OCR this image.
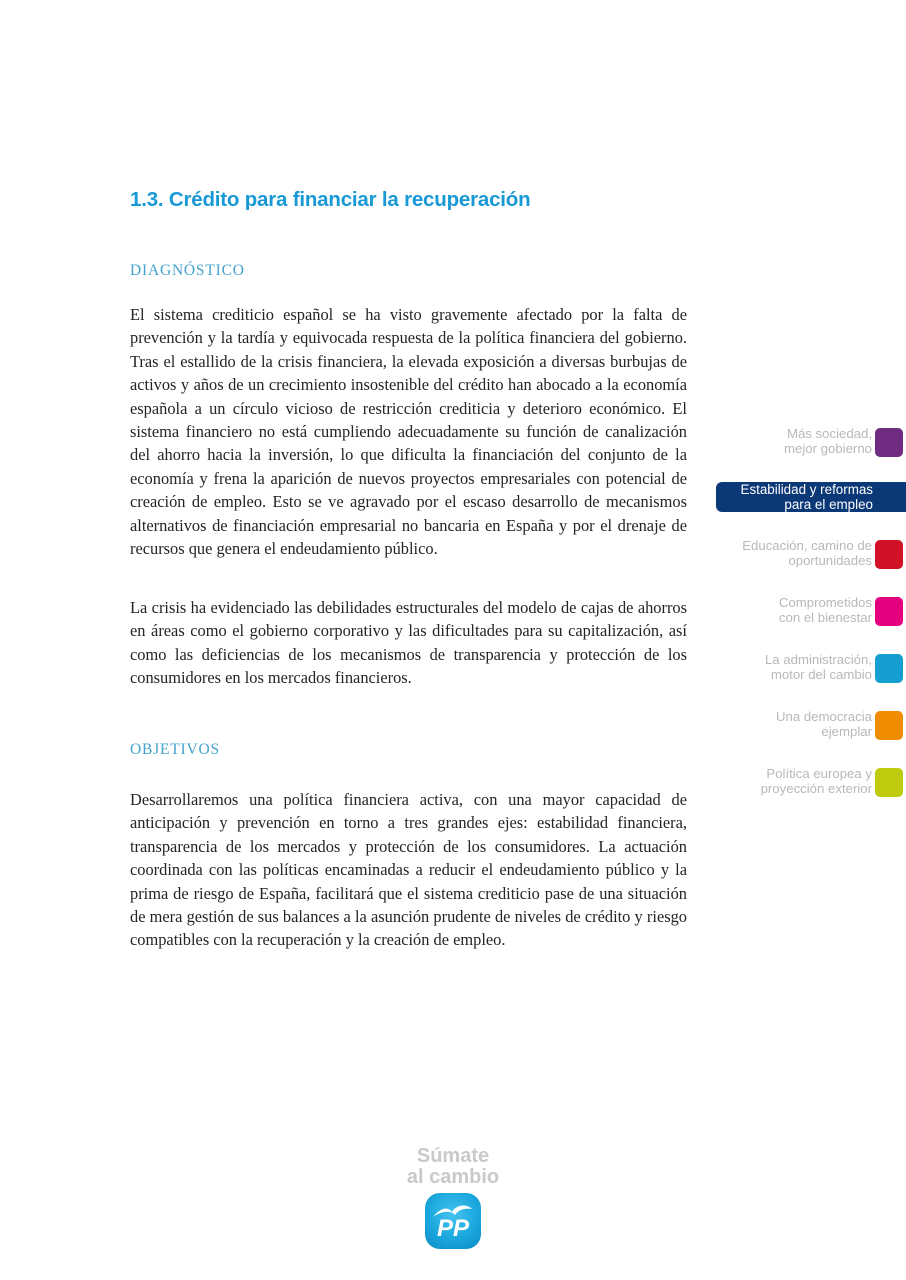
1.3. Crédito para financiar la recuperación
DIAGNÓSTICO

El sistema crediticio español se ha visto gravemente afectado por la falta de prevención y la tardía y equivocada respuesta de la política financiera del gobierno. Tras el estallido de la crisis financiera, la elevada exposición a diversas burbujas de activos y años de un crecimiento insostenible del crédito han abocado a la economía española a un círculo vicioso de restricción crediticia y deterioro económico. El sistema financiero no está cumpliendo adecuadamente su función de canalización del ahorro hacia la inversión, lo que dificulta la financiación del conjunto de la economía y frena la aparición de nuevos proyectos empresariales con potencial de creación de empleo. Esto se ve agravado por el escaso desarrollo de mecanismos alternativos de financiación empresarial no bancaria en España y por el drenaje de recursos que genera el endeudamiento público.

La crisis ha evidenciado las debilidades estructurales del modelo de cajas de ahorros en áreas como el gobierno corporativo y las dificultades para su capitalización, así como las deficiencias de los mecanismos de transparencia y protección de los consumidores en los mercados financieros.

OBJETIVOS

Desarrollaremos una política financiera activa, con una mayor capacidad de anticipación y prevención en torno a tres grandes ejes: estabilidad financiera, transparencia de los mercados y protección de los consumidores. La actuación coordinada con las políticas encaminadas a reducir el endeudamiento público y la prima de riesgo de España, facilitará que el sistema crediticio pase de una situación de mera gestión de sus balances a la asunción prudente de niveles de crédito y riesgo compatibles con la recuperación y la creación de empleo.

Más sociedad,
mejor gobierno
Estabilidad y reformas
para el empleo
Educación, camino de
oportunidades
Comprometidos
con el bienestar
La administración,
motor del cambio
Una democracia
ejemplar
Política europea y
proyección exterior
Súmate
al cambio
PP
